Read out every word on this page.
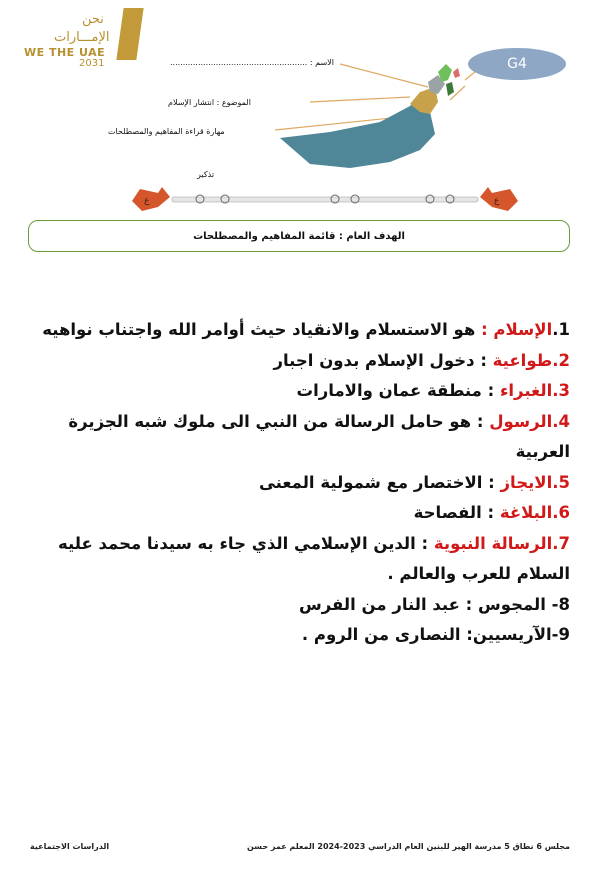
نحن
الإمـــارات
WE THE UAE
2031	الاسم : ......................................................
الموضوع : انتشار الإسلام
مهارة قراءة المفاهيم والمصطلحات
تذكير
G4
ع	ع
الهدف العام : قائمة المفاهيم والمصطلحات
1.الإسلام : هو الاستسلام والانقياد حيث أوامر الله واجتناب نواهيه
2.طواعية : دخول الإسلام بدون اجبار
3.الغبراء : منطقة عمان والامارات
4.الرسول : هو حامل الرسالة من النبي الى ملوك شبه الجزيرة العربية
5.الايجاز : الاختصار مع شمولية المعنى
6.البلاغة : الفصاحة
7.الرسالة النبوية : الدين الإسلامي الذي جاء به سيدنا محمد عليه السلام للعرب والعالم .
8- المجوس : عبد النار من الفرس
9-الآريسيين: النصارى من الروم .
مجلس 6 نطاق 5 مدرسة الهير للبنين العام الدراسي 2023-2024 المعلم عمر حسن
الدراسات الاجتماعية
